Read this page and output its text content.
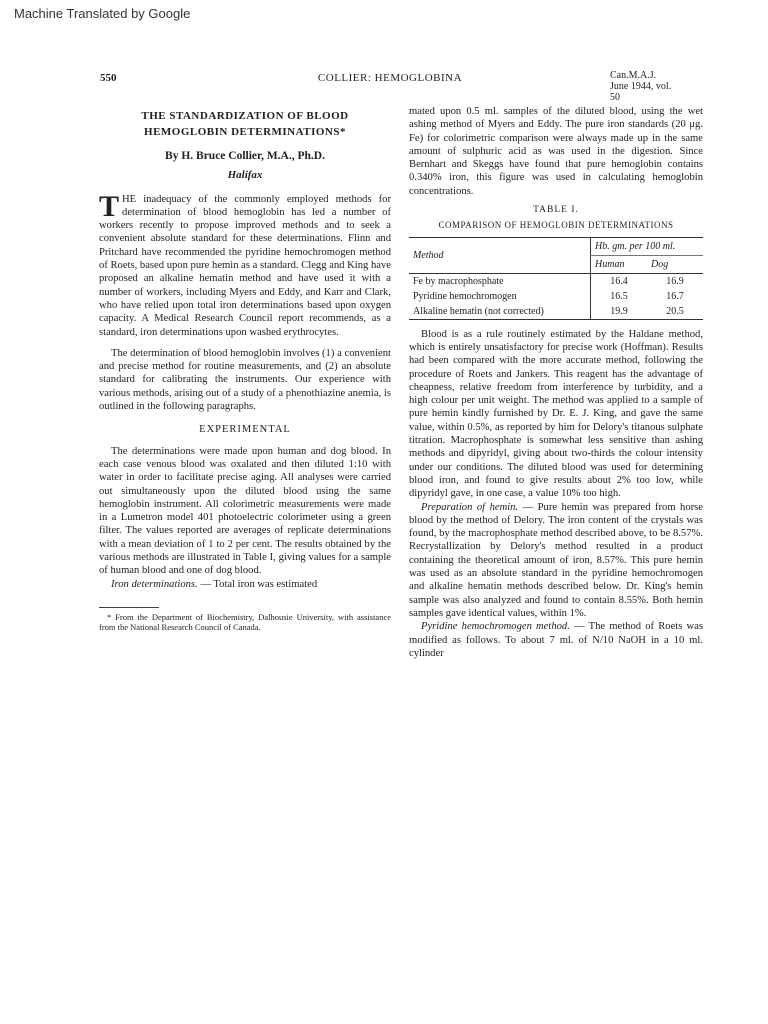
Machine Translated by Google
550	COLLIER: HEMOGLOBINA	Can.M.A.J.
June 1944, vol. 50
THE STANDARDIZATION OF BLOOD HEMOGLOBIN DETERMINATIONS*
By H. Bruce Collier, M.A., Ph.D.
Halifax

THE inadequacy of the commonly employed methods for determination of blood hemoglobin has led a number of workers recently to propose improved methods and to seek a convenient absolute standard for these determinations. Flinn and Pritchard have recommended the pyridine hemochromogen method of Roets, based upon pure hemin as a standard. Clegg and King have proposed an alkaline hematin method and have used it with a number of workers, including Myers and Eddy, and Karr and Clark, who have relied upon total iron determinations based upon oxygen capacity. A Medical Research Council report recommends, as a standard, iron determinations upon washed erythrocytes.

The determination of blood hemoglobin involves (1) a convenient and precise method for routine measurements, and (2) an absolute standard for calibrating the instruments. Our experience with various methods, arising out of a study of a phenothiazine anemia, is outlined in the following paragraphs.

EXPERIMENTAL

The determinations were made upon human and dog blood. In each case venous blood was oxalated and then diluted 1:10 with water in order to facilitate precise aging. All analyses were carried out simultaneously upon the diluted blood using the same hemoglobin instrument. All colorimetric measurements were made in a Lumetron model 401 photoelectric colorimeter using a green filter. The values reported are averages of replicate determinations with a mean deviation of 1 to 2 per cent. The results obtained by the various methods are illustrated in Table I, giving values for a sample of human blood and one of dog blood.

Iron determinations. — Total iron was estimated

* From the Department of Biochemistry, Dalhousie University, with assistance from the National Research Council of Canada.

mated upon 0.5 ml. samples of the diluted blood, using the wet ashing method of Myers and Eddy. The pure iron standards (20 μg. Fe) for colorimetric comparison were always made up in the same amount of sulphuric acid as was used in the digestion. Since Bernhart and Skeggs have found that pure hemoglobin contains 0.340% iron, this figure was used in calculating hemoglobin concentrations.

TABLE I.
COMPARISON OF HEMOGLOBIN DETERMINATIONS
Method	Hb. gm. per 100 ml.	
	Human	Dog
Fe by macrophosphate	16.4	16.9
Pyridine hemochromogen	16.5	16.7
Alkaline hematin (not corrected)	19.9	20.5

Blood is as a rule routinely estimated by the Haldane method, which is entirely unsatisfactory for precise work (Hoffman). Results had been compared with the more accurate method, following the procedure of Roets and Jankers. This reagent has the advantage of cheapness, relative freedom from interference by turbidity, and a high colour per unit weight. The method was applied to a sample of pure hemin kindly furnished by Dr. E. J. King, and gave the same value, within 0.5%, as reported by him for Delory's titanous sulphate titration. Macrophosphate is somewhat less sensitive than ashing methods and dipyridyl, giving about two-thirds the colour intensity under our conditions. The diluted blood was used for determining blood iron, and found to give results about 2% too low, while dipyridyl gave, in one case, a value 10% too high.

Preparation of hemin. — Pure hemin was prepared from horse blood by the method of Delory. The iron content of the crystals was found, by the macrophosphate method described above, to be 8.57%. Recrystallization by Delory's method resulted in a product containing the theoretical amount of iron, 8.57%. This pure hemin was used as an absolute standard in the pyridine hemochromogen and alkaline hematin methods described below. Dr. King's hemin sample was also analyzed and found to contain 8.55%. Both hemin samples gave identical values, within 1%.

Pyridine hemochromogen method. — The method of Roets was modified as follows. To about 7 ml. of N/10 NaOH in a 10 ml. cylinder
